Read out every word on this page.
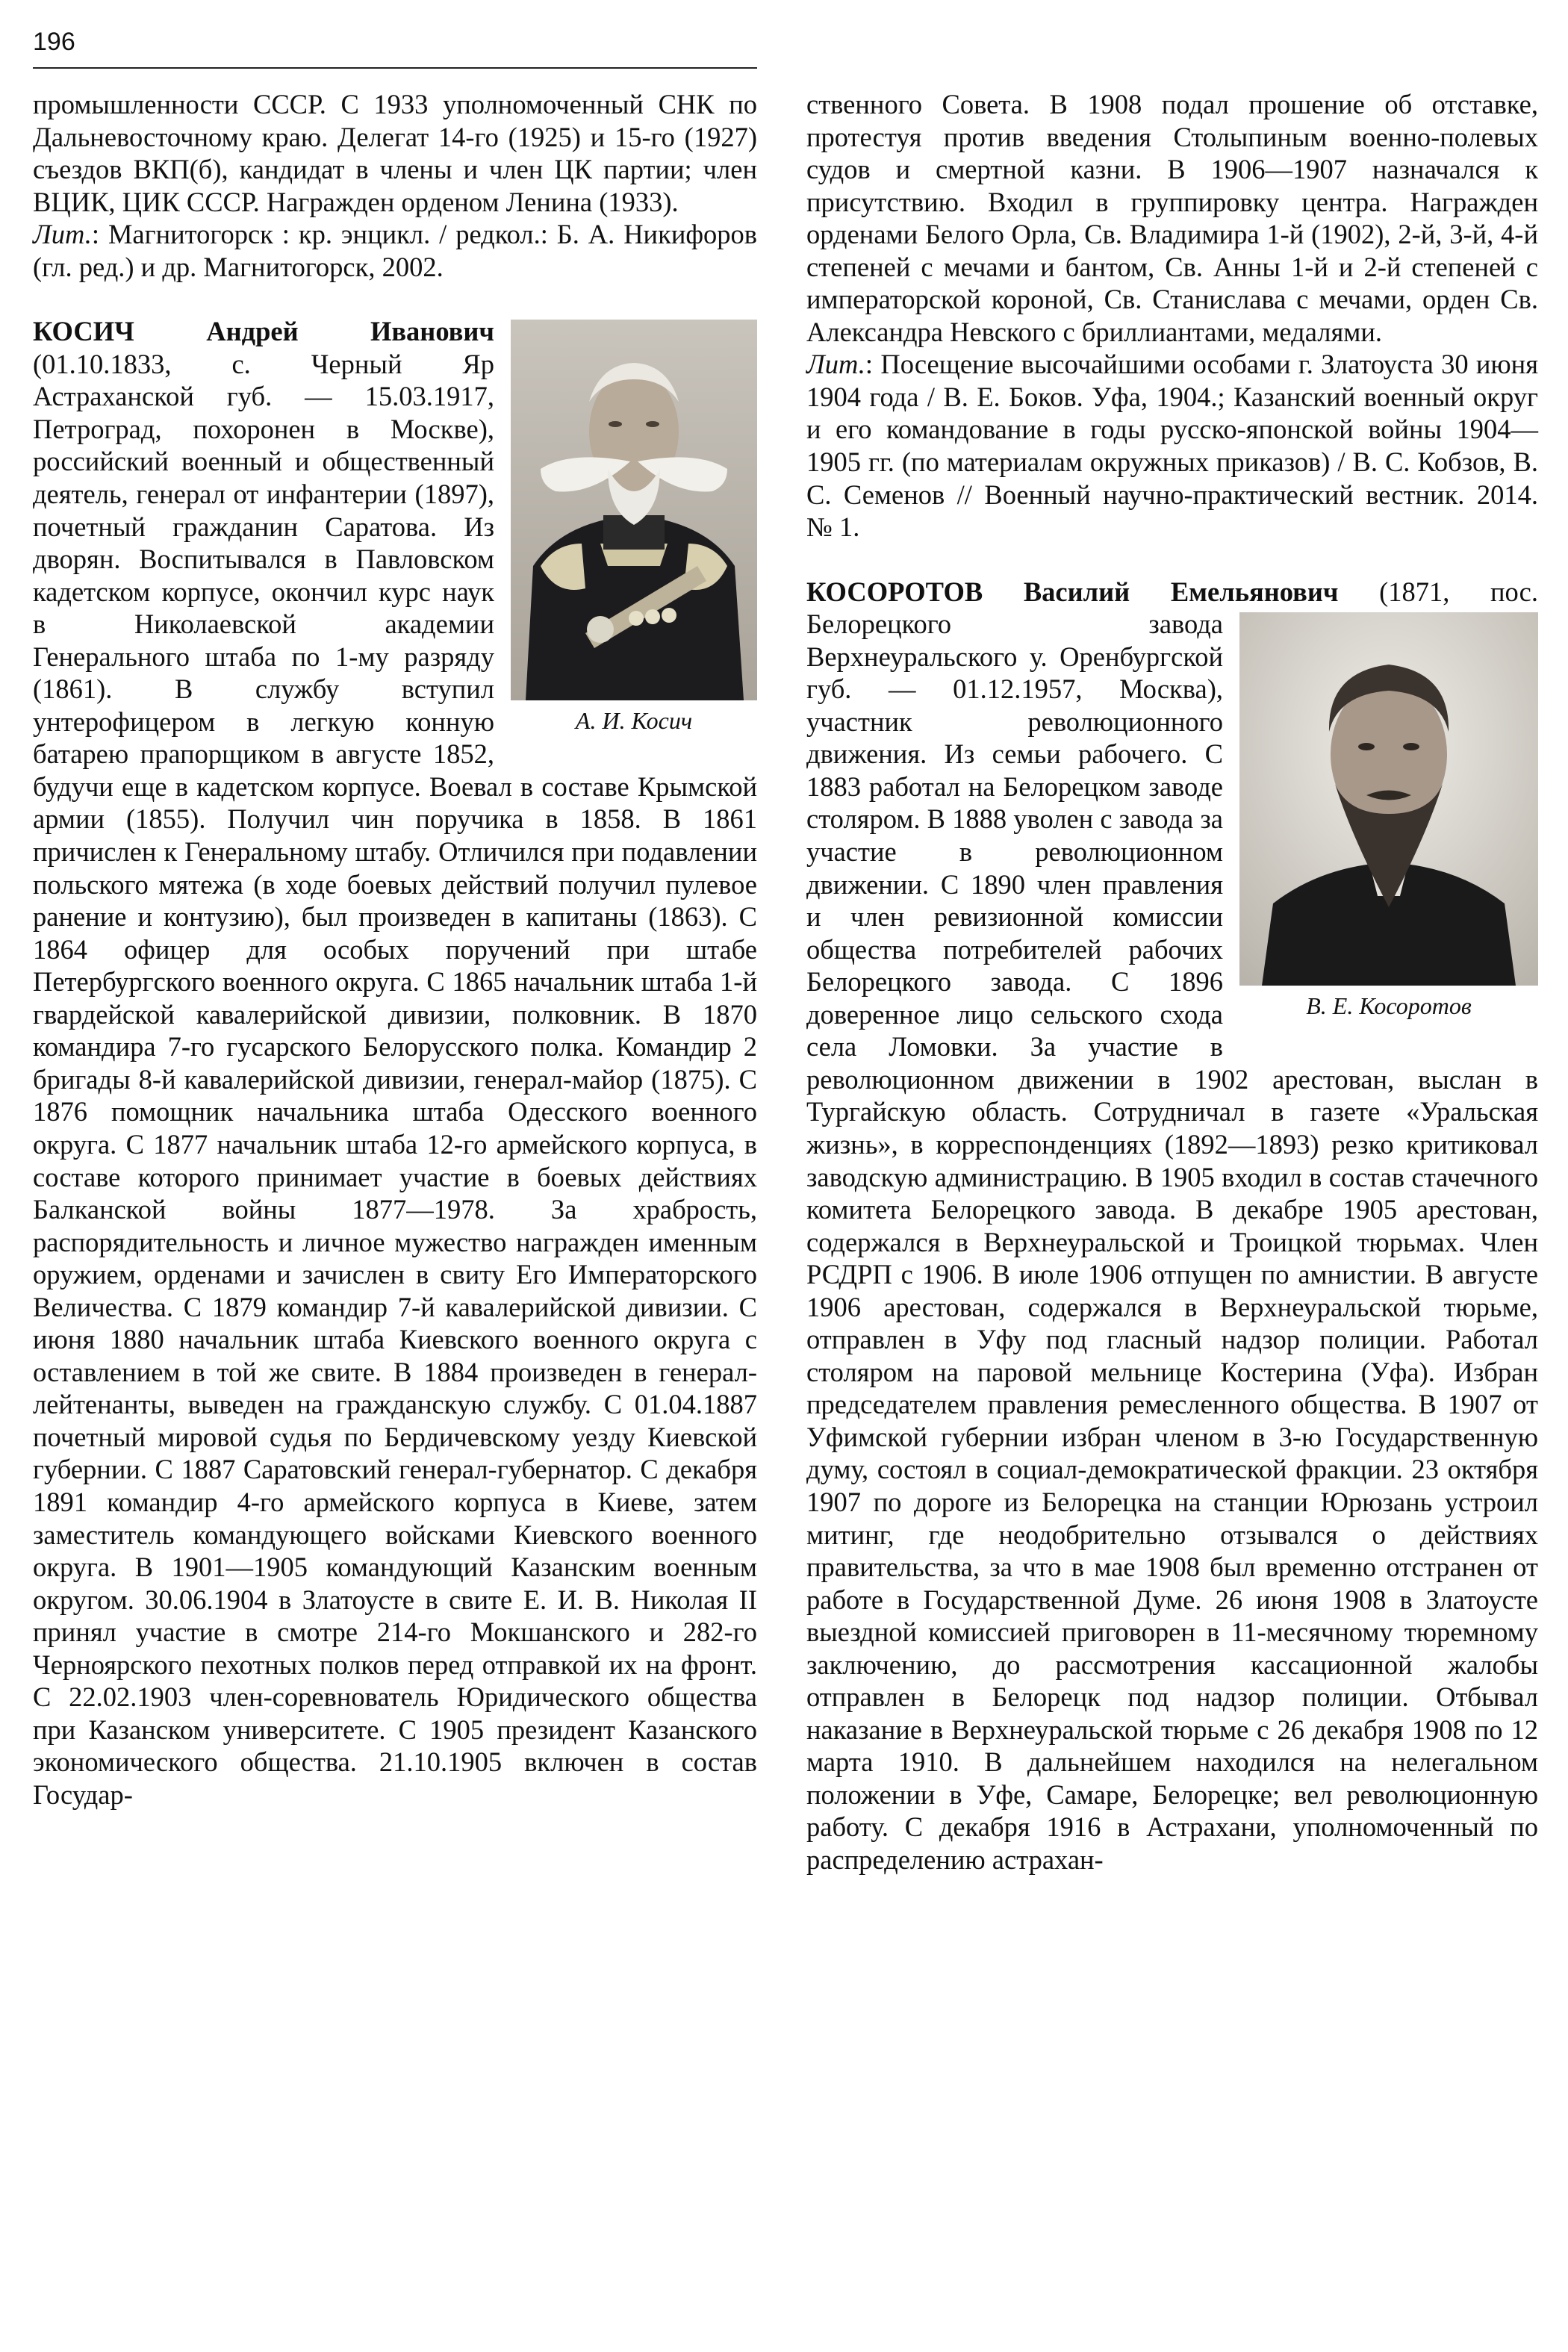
196

промышленности СССР. С 1933 уполномоченный СНК по Дальневосточному краю. Делегат 14-го (1925) и 15-го (1927) съездов ВКП(б), кандидат в члены и член ЦК партии; член ВЦИК, ЦИК СССР. Награжден орденом Ленина (1933).
Лит.: Магнитогорск : кр. энцикл. / редкол.: Б. А. Никифоров (гл. ред.) и др. Магнитогорск, 2002.

КОСИЧ Андрей Иванович
А. И. Косич
(01.10.1833, с. Черный Яр Астраханской губ. — 15.03.1917, Петроград, похоронен в Москве), российский военный и общественный деятель, генерал от инфантерии (1897), почетный гражданин Саратова. Из дворян. Воспитывался в Павловском кадетском корпусе, окончил курс наук в Николаевской академии Генерального штаба по 1-му разряду (1861). В службу вступил унтерофицером в легкую конную батарею прапорщиком в августе 1852, будучи еще в кадетском корпусе. Воевал в составе Крымской армии (1855). Получил чин поручика в 1858. В 1861 причислен к Генеральному штабу. Отличился при подавлении польского мятежа (в ходе боевых действий получил пулевое ранение и контузию), был произведен в капитаны (1863). С 1864 офицер для особых поручений при штабе Петербургского военного округа. С 1865 начальник штаба 1-й гвардейской кавалерийской дивизии, полковник. В 1870 командира 7-го гусарского Белорусского полка. Командир 2 бригады 8-й кавалерийской дивизии, генерал-майор (1875). С 1876 помощник начальника штаба Одесского военного округа. С 1877 начальник штаба 12-го армейского корпуса, в составе которого принимает участие в боевых действиях Балканской войны 1877—1978. За храбрость, распорядительность и личное мужество награжден именным оружием, орденами и зачислен в свиту Его Императорского Величества. С 1879 командир 7-й кавалерийской дивизии. С июня 1880 начальник штаба Киевского военного округа с оставлением в той же свите. В 1884 произведен в генерал-лейтенанты, выведен на гражданскую службу. С 01.04.1887 почетный мировой судья по Бердичевскому уезду Киевской губернии. С 1887 Саратовский генерал-губернатор. С декабря 1891 командир 4-го армейского корпуса в Киеве, затем заместитель командующего войсками Киевского военного округа. В 1901—1905 командующий Казанским военным округом. 30.06.1904 в Златоусте в свите Е. И. В. Николая II принял участие в смотре 214-го Мокшанского и 282-го Черноярского пехотных полков перед отправкой их на фронт. С 22.02.1903 член-соревнователь Юридического общества при Казанском университете. С 1905 президент Казанского экономического общества. 21.10.1905 включен в состав Государ-

ственного Совета. В 1908 подал прошение об отставке, протестуя против введения Столыпиным военно-полевых судов и смертной казни. В 1906—1907 назначался к присутствию. Входил в группировку центра. Награжден орденами Белого Орла, Св. Владимира 1-й (1902), 2-й, 3-й, 4-й степеней с мечами и бантом, Св. Анны 1-й и 2-й степеней с императорской короной, Св. Станислава с мечами, орден Св. Александра Невского с бриллиантами, медалями.
Лит.: Посещение высочайшими особами г. Златоуста 30 июня 1904 года / В. Е. Боков. Уфа, 1904.; Казанский военный округ и его командование в годы русско-японской войны 1904—1905 гг. (по материалам окружных приказов) / В. С. Кобзов, В. С. Семенов // Военный научно-практический вестник. 2014. № 1.

КОСОРОТОВ Василий Емельянович
В. Е. Косоротов
(1871, пос. Белорецкого завода Верхнеуральского у. Оренбургской губ. — 01.12.1957, Москва), участник революционного движения. Из семьи рабочего. С 1883 работал на Белорецком заводе столяром. В 1888 уволен с завода за участие в революционном движении. С 1890 член правления и член ревизионной комиссии общества потребителей рабочих Белорецкого завода. С 1896 доверенное лицо сельского схода села Ломовки. За участие в революционном движении в 1902 арестован, выслан в Тургайскую область. Сотрудничал в газете «Уральская жизнь», в корреспонденциях (1892—1893) резко критиковал заводскую администрацию. В 1905 входил в состав стачечного комитета Белорецкого завода. В декабре 1905 арестован, содержался в Верхнеуральской и Троицкой тюрьмах. Член РСДРП с 1906. В июле 1906 отпущен по амнистии. В августе 1906 арестован, содержался в Верхнеуральской тюрьме, отправлен в Уфу под гласный надзор полиции. Работал столяром на паровой мельнице Костерина (Уфа). Избран председателем правления ремесленного общества. В 1907 от Уфимской губернии избран членом в 3-ю Государственную думу, состоял в социал-демократической фракции. 23 октября 1907 по дороге из Белорецка на станции Юрюзань устроил митинг, где неодобрительно отзывался о действиях правительства, за что в мае 1908 был временно отстранен от работе в Государственной Думе. 26 июня 1908 в Златоусте выездной комиссией приговорен в 11-месячному тюремному заключению, до рассмотрения кассационной жалобы отправлен в Белорецк под надзор полиции. Отбывал наказание в Верхнеуральской тюрьме с 26 декабря 1908 по 12 марта 1910. В дальнейшем находился на нелегальном положении в Уфе, Самаре, Белорецке; вел революционную работу. С декабря 1916 в Астрахани, уполномоченный по распределению астрахан-
